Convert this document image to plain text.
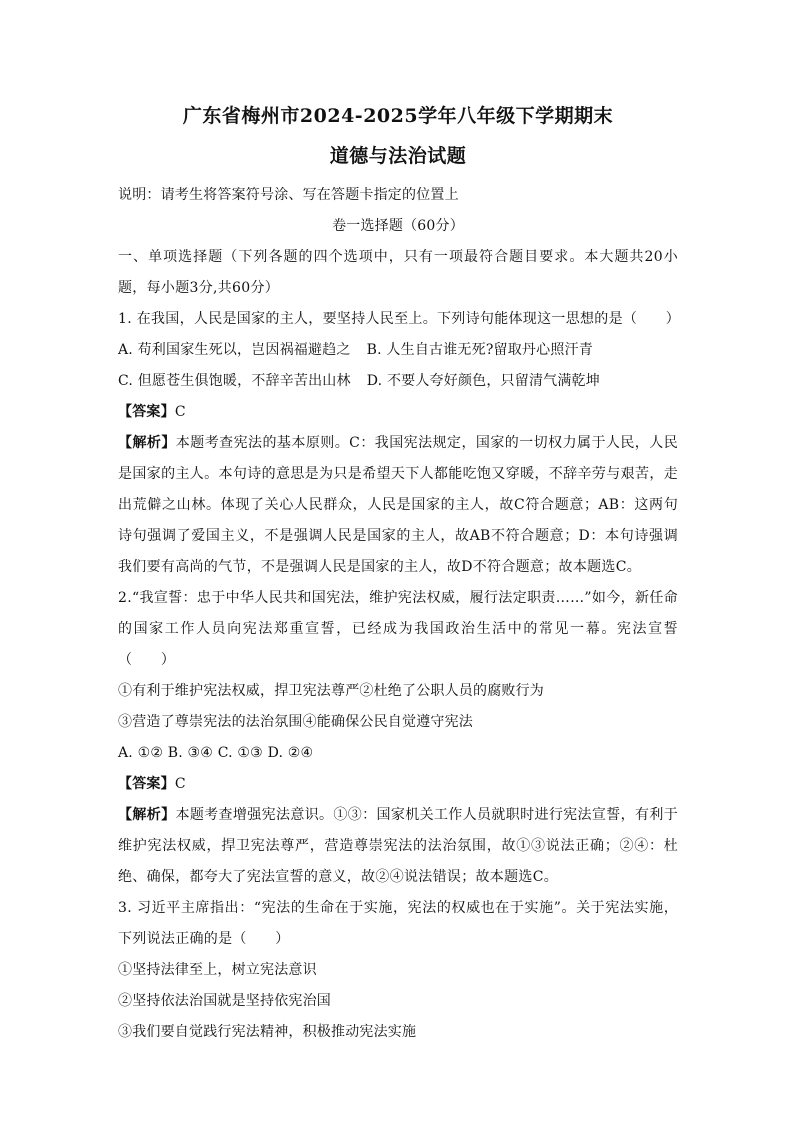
广东省梅州市2024-2025学年八年级下学期期末
道德与法治试题
说明：请考生将答案符号涂、写在答题卡指定的位置上
卷一选择题（60分）
一、单项选择题（下列各题的四个选项中，只有一项最符合题目要求。本大题共20小题，每小题3分,共60分）
1. 在我国，人民是国家的主人，要坚持人民至上。下列诗句能体现这一思想的是（　　）
A. 苟利国家生死以，岂因祸福避趋之 B. 人生自古谁无死?留取丹心照汗青
C. 但愿苍生俱饱暖，不辞辛苦出山林 D. 不要人夸好颜色，只留清气满乾坤
【答案】C
【解析】本题考查宪法的基本原则。C：我国宪法规定，国家的一切权力属于人民，人民是国家的主人。本句诗的意思是为只是希望天下人都能吃饱又穿暖，不辞辛劳与艰苦，走出荒僻之山林。体现了关心人民群众，人民是国家的主人，故C符合题意；AB：这两句诗句强调了爱国主义，不是强调人民是国家的主人，故AB不符合题意；D：本句诗强调我们要有高尚的气节，不是强调人民是国家的主人，故D不符合题意；故本题选C。
2.“我宣誓：忠于中华人民共和国宪法，维护宪法权威，履行法定职责……”如今，新任命的国家工作人员向宪法郑重宣誓，已经成为我国政治生活中的常见一幕。宪法宣誓（　　）
①有利于维护宪法权威，捍卫宪法尊严②杜绝了公职人员的腐败行为
③营造了尊崇宪法的法治氛围④能确保公民自觉遵守宪法
A. ①② B. ③④ C. ①③ D. ②④
【答案】C
【解析】本题考查增强宪法意识。①③：国家机关工作人员就职时进行宪法宣誓，有利于维护宪法权威，捍卫宪法尊严，营造尊崇宪法的法治氛围，故①③说法正确；②④：杜绝、确保，都夸大了宪法宣誓的意义，故②④说法错误；故本题选C。
3. 习近平主席指出：“宪法的生命在于实施，宪法的权威也在于实施”。关于宪法实施，下列说法正确的是（　　）
①坚持法律至上，树立宪法意识
②坚持依法治国就是坚持依宪治国
③我们要自觉践行宪法精神，积极推动宪法实施
